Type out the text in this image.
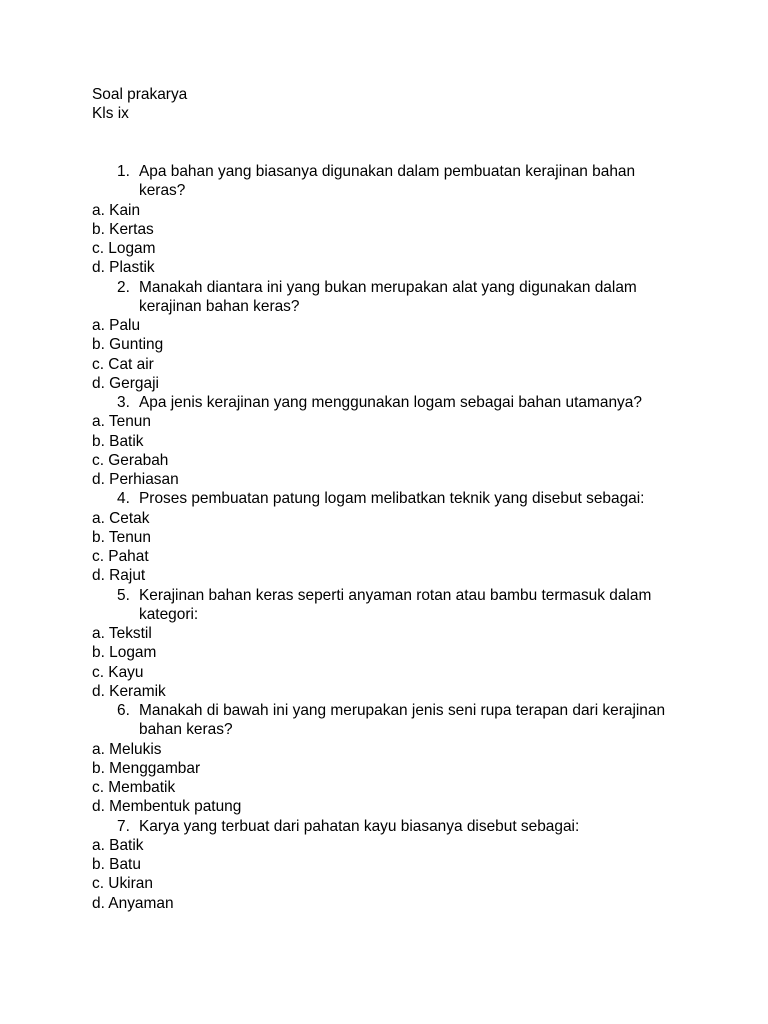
Soal prakarya
Kls ix
1. Apa bahan yang biasanya digunakan dalam pembuatan kerajinan bahan keras?
a. Kain
b. Kertas
c. Logam
d. Plastik
2. Manakah diantara ini yang bukan merupakan alat yang digunakan dalam kerajinan bahan keras?
a. Palu
b. Gunting
c. Cat air
d. Gergaji
3. Apa jenis kerajinan yang menggunakan logam sebagai bahan utamanya?
a. Tenun
b. Batik
c. Gerabah
d. Perhiasan
4. Proses pembuatan patung logam melibatkan teknik yang disebut sebagai:
a. Cetak
b. Tenun
c. Pahat
d. Rajut
5. Kerajinan bahan keras seperti anyaman rotan atau bambu termasuk dalam kategori:
a. Tekstil
b. Logam
c. Kayu
d. Keramik
6. Manakah di bawah ini yang merupakan jenis seni rupa terapan dari kerajinan bahan keras?
a. Melukis
b. Menggambar
c. Membatik
d. Membentuk patung
7. Karya yang terbuat dari pahatan kayu biasanya disebut sebagai:
a. Batik
b. Batu
c. Ukiran
d. Anyaman
